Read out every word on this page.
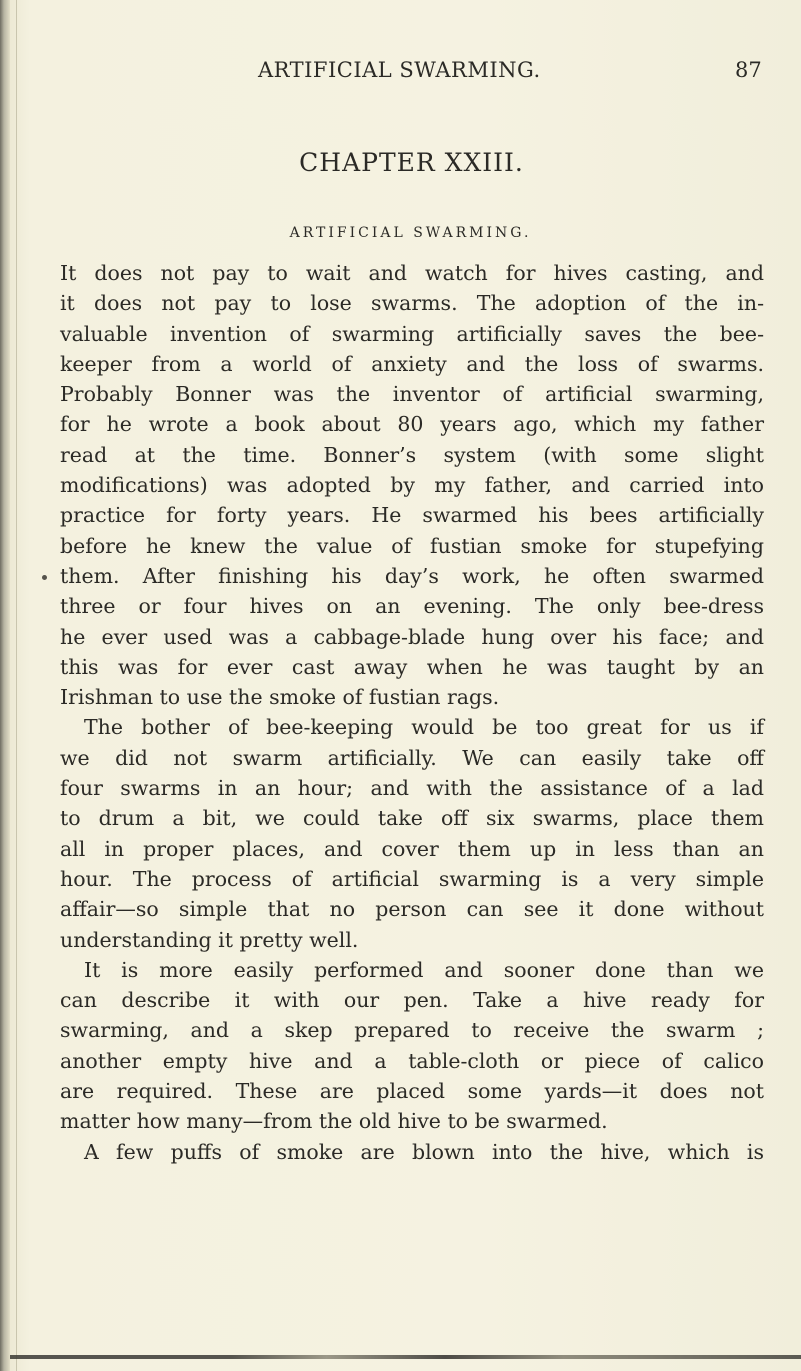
ARTIFICIAL SWARMING.	87
CHAPTER XXIII.
ARTIFICIAL SWARMING.
It does not pay to wait and watch for hives casting, and
it does not pay to lose swarms. The adoption of the in-
valuable invention of swarming artificially saves the bee-
keeper from a world of anxiety and the loss of swarms.
Probably Bonner was the inventor of artificial swarming,
for he wrote a book about 80 years ago, which my father
read at the time. Bonner’s system (with some slight
modifications) was adopted by my father, and carried into
practice for forty years. He swarmed his bees artificially
before he knew the value of fustian smoke for stupefying
them. After finishing his day’s work, he often swarmed
three or four hives on an evening. The only bee-dress
he ever used was a cabbage-blade hung over his face; and
this was for ever cast away when he was taught by an
Irishman to use the smoke of fustian rags.
The bother of bee-keeping would be too great for us if
we did not swarm artificially. We can easily take off
four swarms in an hour; and with the assistance of a lad
to drum a bit, we could take off six swarms, place them
all in proper places, and cover them up in less than an
hour. The process of artificial swarming is a very simple
affair—so simple that no person can see it done without
understanding it pretty well.
It is more easily performed and sooner done than we
can describe it with our pen. Take a hive ready for
swarming, and a skep prepared to receive the swarm ;
another empty hive and a table-cloth or piece of calico
are required. These are placed some yards—it does not
matter how many—from the old hive to be swarmed.
A few puffs of smoke are blown into the hive, which is
